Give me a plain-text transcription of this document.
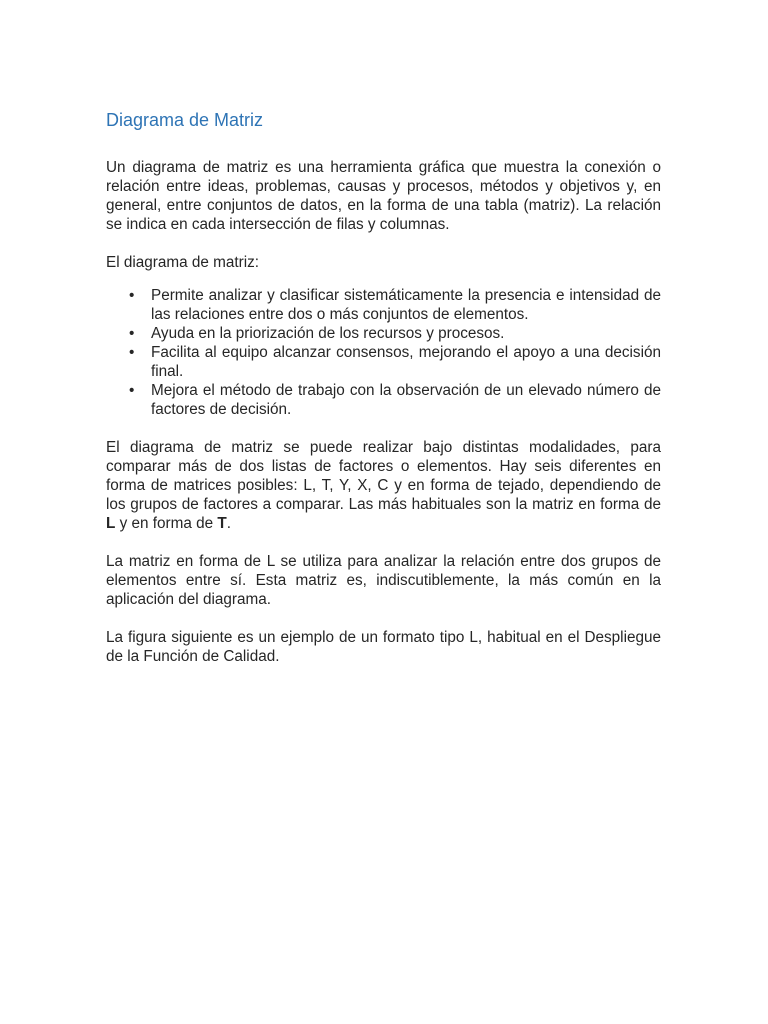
Diagrama de Matriz

Un diagrama de matriz es una herramienta gráfica que muestra la conexión o relación entre ideas, problemas, causas y procesos, métodos y objetivos y, en general, entre conjuntos de datos, en la forma de una tabla (matriz). La relación se indica en cada intersección de filas y columnas.

El diagrama de matriz:

• Permite analizar y clasificar sistemáticamente la presencia e intensidad de las relaciones entre dos o más conjuntos de elementos.
• Ayuda en la priorización de los recursos y procesos.
• Facilita al equipo alcanzar consensos, mejorando el apoyo a una decisión final.
• Mejora el método de trabajo con la observación de un elevado número de factores de decisión.

El diagrama de matriz se puede realizar bajo distintas modalidades, para comparar más de dos listas de factores o elementos. Hay seis diferentes en forma de matrices posibles: L, T, Y, X, C y en forma de tejado, dependiendo de los grupos de factores a comparar. Las más habituales son la matriz en forma de L y en forma de T.

La matriz en forma de L se utiliza para analizar la relación entre dos grupos de elementos entre sí. Esta matriz es, indiscutiblemente, la más común en la aplicación del diagrama.

La figura siguiente es un ejemplo de un formato tipo L, habitual en el Despliegue de la Función de Calidad.
